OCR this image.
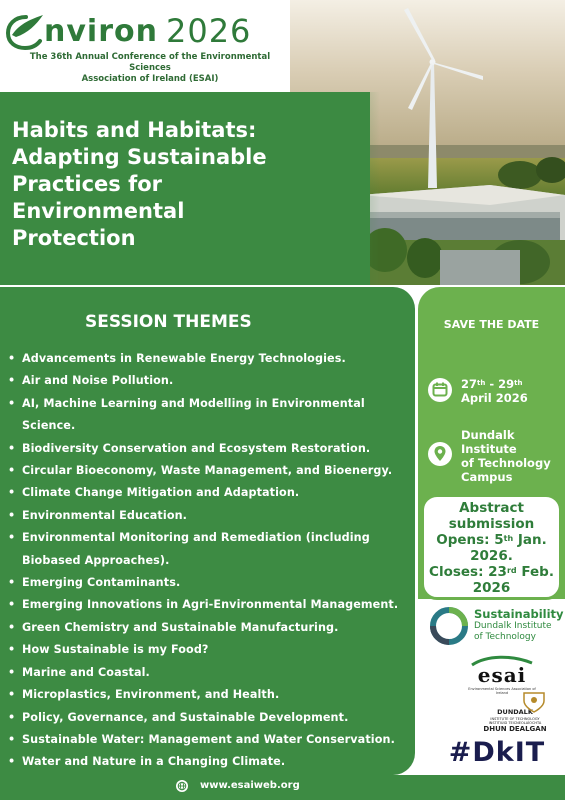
nviron 2026
The 36th Annual Conference of the Environmental Sciences
Association of Ireland (ESAI)
Habits and Habitats:
Adapting Sustainable
Practices for
Environmental
Protection
SESSION THEMES
• Advancements in Renewable Energy Technologies.
• Air and Noise Pollution.
• AI, Machine Learning and Modelling in Environmental Science.
• Biodiversity Conservation and Ecosystem Restoration.
• Circular Bioeconomy, Waste Management, and Bioenergy.
• Climate Change Mitigation and Adaptation.
• Environmental Education.
• Environmental Monitoring and Remediation (including Biobased Approaches).
• Emerging Contaminants.
• Emerging Innovations in Agri-Environmental Management.
• Green Chemistry and Sustainable Manufacturing.
• How Sustainable is my Food?
• Marine and Coastal.
• Microplastics, Environment, and Health.
• Policy, Governance, and Sustainable Development.
• Sustainable Water: Management and Water Conservation.
• Water and Nature in a Changing Climate.
SAVE THE DATE
27th - 29th
April 2026
Dundalk
Institute
of Technology
Campus
Abstract
submission
Opens: 5th Jan.
2026.
Closes: 23rd Feb.
2026
Sustainability
Dundalk Institute
of Technology
esai
Environmental Sciences Association of Ireland
DUNDALK
INSTITUTE OF TECHNOLOGY
INSTITIÚID TEICNEOLAÍOCHTA
DHUN DEALGAN
#DkIT
www.esaiweb.org
